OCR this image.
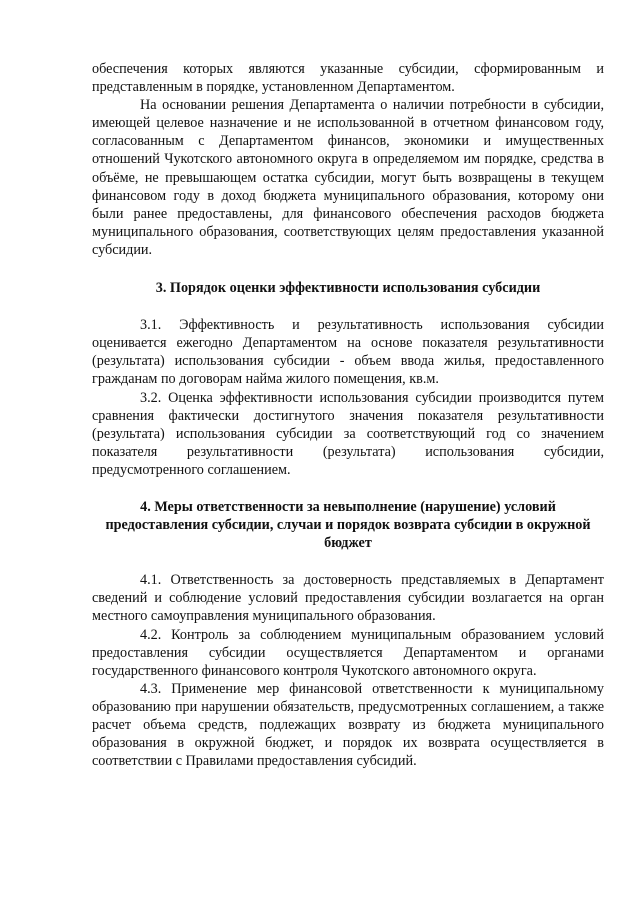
обеспечения которых являются указанные субсидии, сформированным и представленным в порядке, установленном Департаментом.

На основании решения Департамента о наличии потребности в субсидии, имеющей целевое назначение и не использованной в отчетном финансовом году, согласованным с Департаментом финансов, экономики и имущественных отношений Чукотского автономного округа в определяемом им порядке, средства в объёме, не превышающем остатка субсидии, могут быть возвращены в текущем финансовом году в доход бюджета муниципального образования, которому они были ранее предоставлены, для финансового обеспечения расходов бюджета муниципального образования, соответствующих целям предоставления указанной субсидии.

3. Порядок оценки эффективности использования субсидии

3.1. Эффективность и результативность использования субсидии оценивается ежегодно Департаментом на основе показателя результативности (результата) использования субсидии - объем ввода жилья, предоставленного гражданам по договорам найма жилого помещения, кв.м.

3.2. Оценка эффективности использования субсидии производится путем сравнения фактически достигнутого значения показателя результативности (результата) использования субсидии за соответствующий год со значением показателя результативности (результата) использования субсидии, предусмотренного соглашением.

4. Меры ответственности за невыполнение (нарушение) условий предоставления субсидии, случаи и порядок возврата субсидии в окружной бюджет

4.1. Ответственность за достоверность представляемых в Департамент сведений и соблюдение условий предоставления субсидии возлагается на орган местного самоуправления муниципального образования.

4.2. Контроль за соблюдением муниципальным образованием условий предоставления субсидии осуществляется Департаментом и органами государственного финансового контроля Чукотского автономного округа.

4.3. Применение мер финансовой ответственности к муниципальному образованию при нарушении обязательств, предусмотренных соглашением, а также расчет объема средств, подлежащих возврату из бюджета муниципального образования в окружной бюджет, и порядок их возврата осуществляется в соответствии с Правилами предоставления субсидий.
